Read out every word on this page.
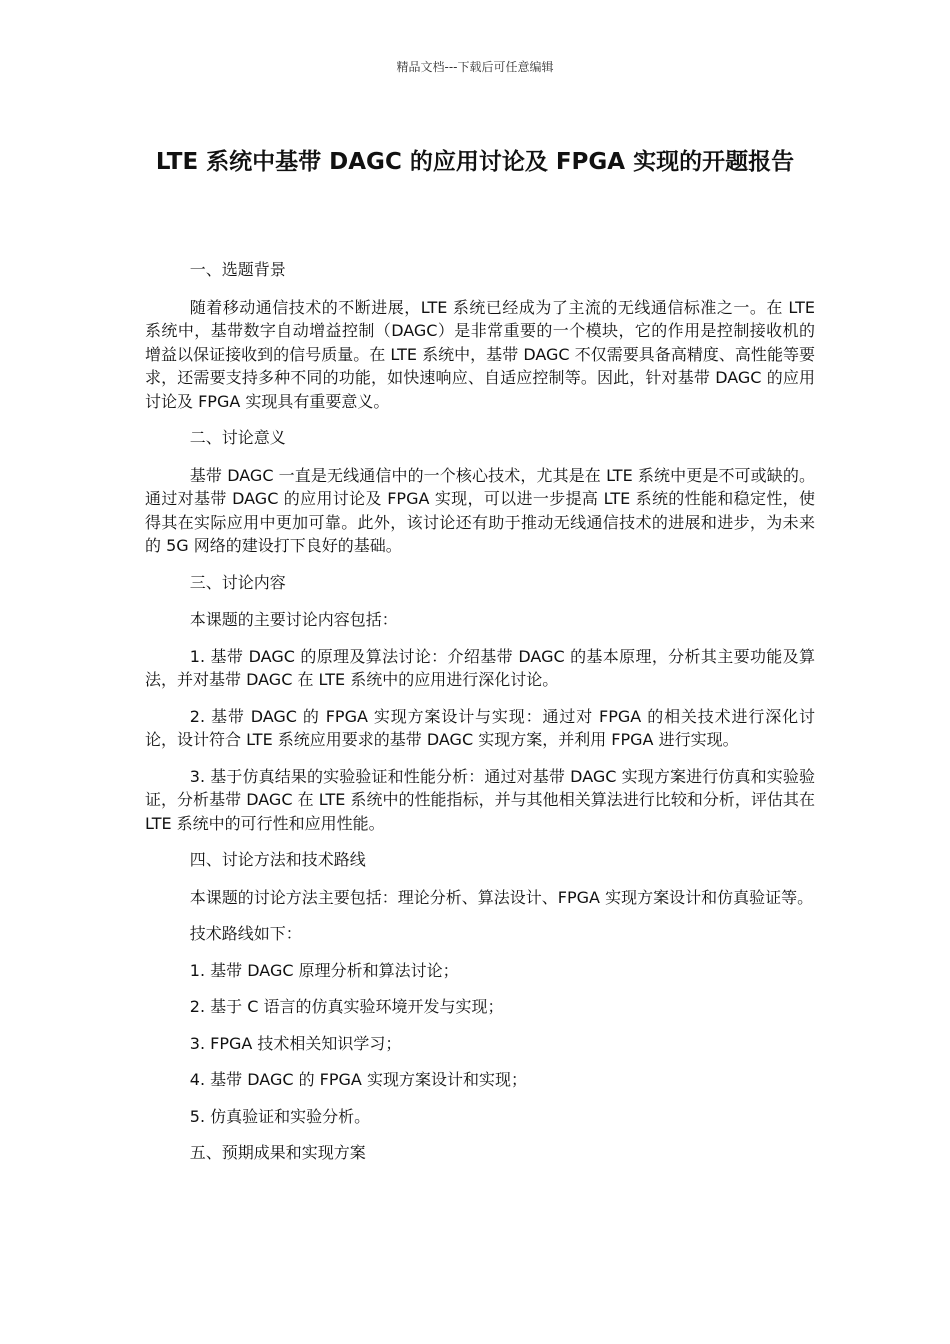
精品文档---下载后可任意编辑
LTE 系统中基带 DAGC 的应用讨论及 FPGA 实现的开题报告

一、选题背景

随着移动通信技术的不断进展，LTE 系统已经成为了主流的无线通信标准之一。在 LTE 系统中，基带数字自动增益控制（DAGC）是非常重要的一个模块，它的作用是控制接收机的增益以保证接收到的信号质量。在 LTE 系统中，基带 DAGC 不仅需要具备高精度、高性能等要求，还需要支持多种不同的功能，如快速响应、自适应控制等。因此，针对基带 DAGC 的应用讨论及 FPGA 实现具有重要意义。

二、讨论意义

基带 DAGC 一直是无线通信中的一个核心技术，尤其是在 LTE 系统中更是不可或缺的。通过对基带 DAGC 的应用讨论及 FPGA 实现，可以进一步提高 LTE 系统的性能和稳定性，使得其在实际应用中更加可靠。此外，该讨论还有助于推动无线通信技术的进展和进步，为未来的 5G 网络的建设打下良好的基础。

三、讨论内容

本课题的主要讨论内容包括：

1. 基带 DAGC 的原理及算法讨论：介绍基带 DAGC 的基本原理，分析其主要功能及算法，并对基带 DAGC 在 LTE 系统中的应用进行深化讨论。

2. 基带 DAGC 的 FPGA 实现方案设计与实现：通过对 FPGA 的相关技术进行深化讨论，设计符合 LTE 系统应用要求的基带 DAGC 实现方案，并利用 FPGA 进行实现。

3. 基于仿真结果的实验验证和性能分析：通过对基带 DAGC 实现方案进行仿真和实验验证，分析基带 DAGC 在 LTE 系统中的性能指标，并与其他相关算法进行比较和分析，评估其在 LTE 系统中的可行性和应用性能。

四、讨论方法和技术路线

本课题的讨论方法主要包括：理论分析、算法设计、FPGA 实现方案设计和仿真验证等。

技术路线如下：

1. 基带 DAGC 原理分析和算法讨论；

2. 基于 C 语言的仿真实验环境开发与实现；

3. FPGA 技术相关知识学习；

4. 基带 DAGC 的 FPGA 实现方案设计和实现；

5. 仿真验证和实验分析。

五、预期成果和实现方案
